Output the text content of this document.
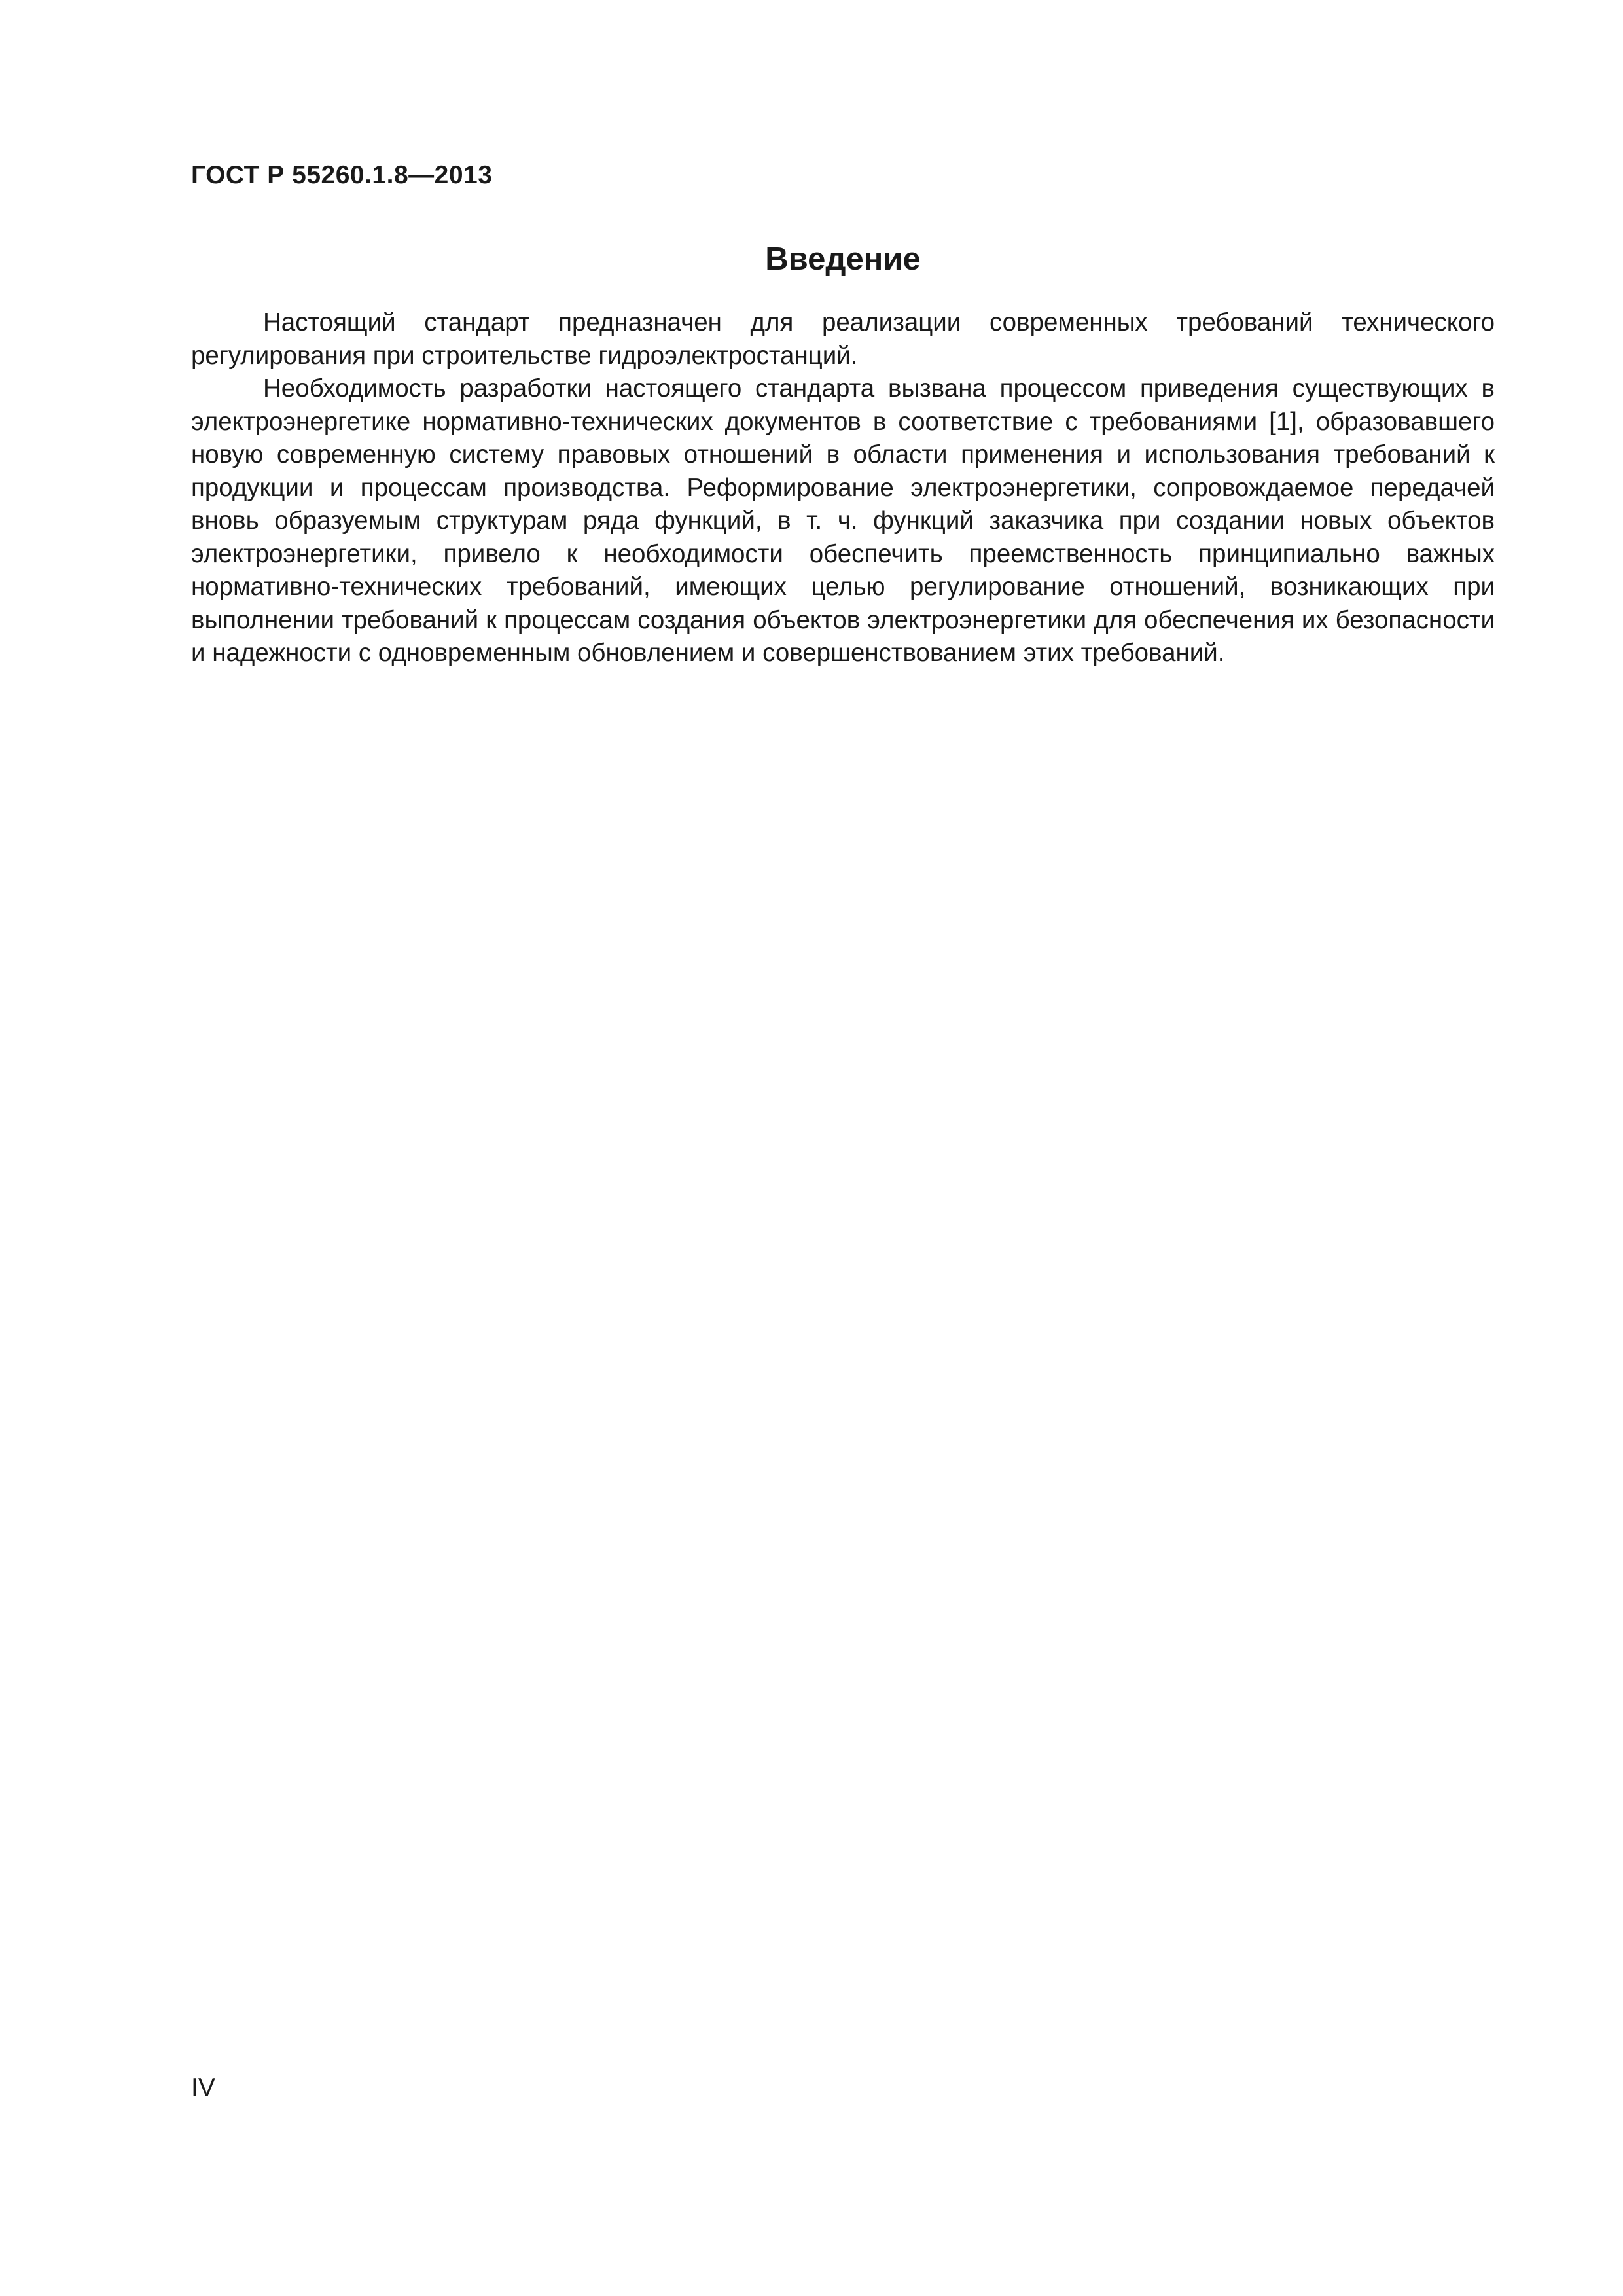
ГОСТ Р 55260.1.8—2013

Введение

Настоящий стандарт предназначен для реализации современных требований технического регулирования при строительстве гидроэлектростанций.

Необходимость разработки настоящего стандарта вызвана процессом приведения существующих в электроэнергетике нормативно-технических документов в соответствие с требованиями [1], образовавшего новую современную систему правовых отношений в области применения и использования требований к продукции и процессам производства. Реформирование электроэнергетики, сопровождаемое передачей вновь образуемым структурам ряда функций, в т. ч. функций заказчика при создании новых объектов электроэнергетики, привело к необходимости обеспечить преемственность принципиально важных нормативно-технических требований, имеющих целью регулирование отношений, возникающих при выполнении требований к процессам создания объектов электроэнергетики для обеспечения их безопасности и надежности с одновременным обновлением и совершенствованием этих требований.

IV
